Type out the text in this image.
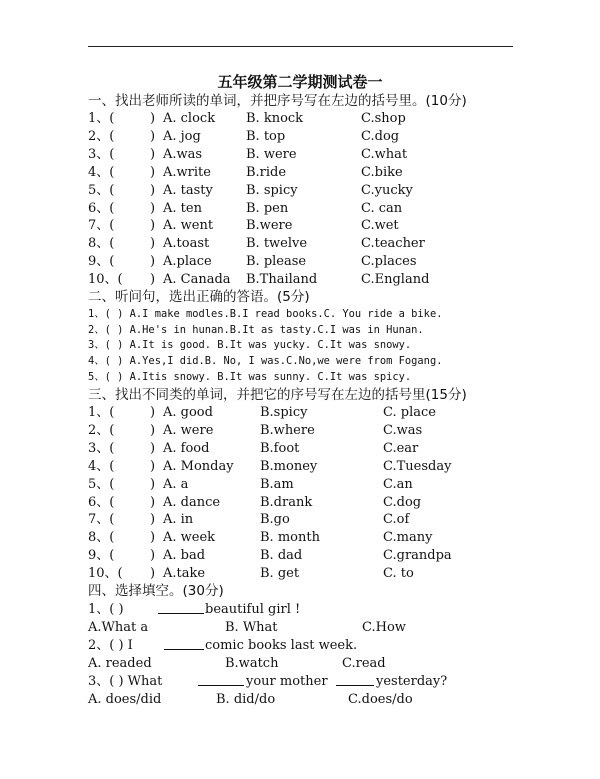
五年级第二学期测试卷一
一、找出老师所读的单词，并把序号写在左边的括号里。(10分)
1、(	) A. clock B. knock	C.shop
2、(	) A. jog	B. top	C.dog
3、(	) A.was	B. were	C.what
4、(	) A.write	B.ride	C.bike
5、(	) A. tasty	B. spicy	C.yucky
6、(	) A. ten	B. pen	C. can
7、(	) A. went	B.were	C.wet
8、(	) A.toast	B. twelve	C.teacher
9、(	) A.place	B. please	C.places
10、( ) A. Canada B.Thailand	C.England
二、听问句，选出正确的答语。(5分)
1、( ) A.I make modles.B.I read books.C. You ride a bike.
2、( ) A.He's in hunan.B.It as tasty.C.I was in Hunan.
3、( ) A.It is good. B.It was yucky. C.It was snowy.
4、( ) A.Yes,I did.B. No, I was.C.No,we were from Fogang.
5、( ) A.Itis snowy. B.It was sunny. C.It was spicy.
三、找出不同类的单词，并把它的序号写在左边的括号里(15分)
1、(	) A. good	B.spicy	C. place
2、(	) A. were	B.where	C.was
3、(	) A. food	B.foot	C.ear
4、(	) A. Monday B.money	C.Tuesday
5、(	) A. a	B.am	C.an
6、(	) A. dance	B.drank	C.dog
7、(	) A. in	B.go	C.of
8、(	) A. week	B. month	C.many
9、(	) A. bad	B. dad	C.grandpa
10、( ) A.take	B. get	C. to
四、选择填空。(30分)
1、( )	beautiful girl !
A.What a	B. What	C.How
2、( ) I	comic books last week.
A. readed	B.watch	C.read
3、( ) What	your mother	yesterday?
A. does/did	B. did/do	C.does/do
